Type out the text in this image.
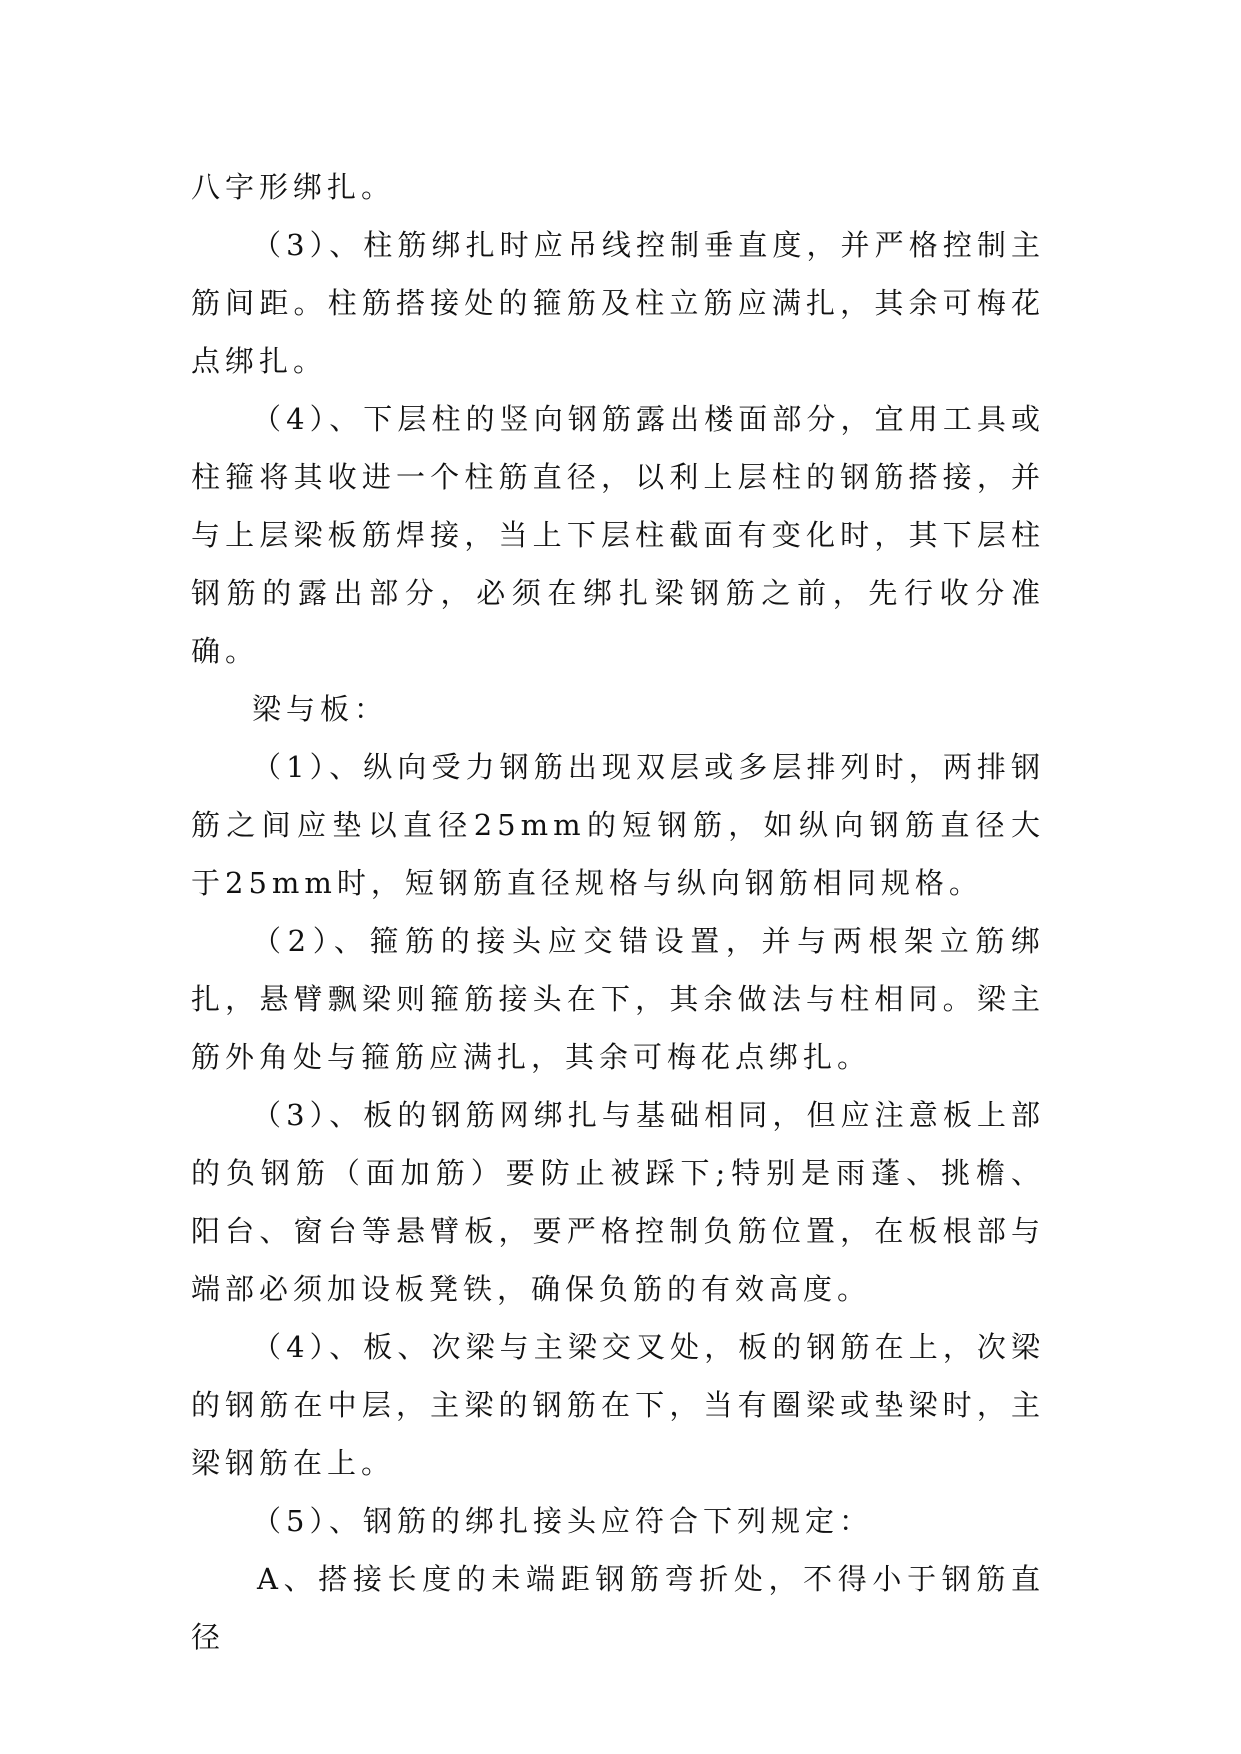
八字形绑扎。

（3）、柱筋绑扎时应吊线控制垂直度，并严格控制主筋间距。柱筋搭接处的箍筋及柱立筋应满扎，其余可梅花点绑扎。

（4）、下层柱的竖向钢筋露出楼面部分，宜用工具或柱箍将其收进一个柱筋直径，以利上层柱的钢筋搭接，并与上层梁板筋焊接，当上下层柱截面有变化时，其下层柱钢筋的露出部分，必须在绑扎梁钢筋之前，先行收分准确。

梁与板：

（1）、纵向受力钢筋出现双层或多层排列时，两排钢筋之间应垫以直径25mm的短钢筋，如纵向钢筋直径大于25mm时，短钢筋直径规格与纵向钢筋相同规格。

（2）、箍筋的接头应交错设置，并与两根架立筋绑扎，悬臂飘梁则箍筋接头在下，其余做法与柱相同。梁主筋外角处与箍筋应满扎，其余可梅花点绑扎。

（3）、板的钢筋网绑扎与基础相同，但应注意板上部的负钢筋（面加筋）要防止被踩下;特别是雨蓬、挑檐、阳台、窗台等悬臂板，要严格控制负筋位置，在板根部与端部必须加设板凳铁，确保负筋的有效高度。

（4）、板、次梁与主梁交叉处，板的钢筋在上，次梁的钢筋在中层，主梁的钢筋在下，当有圈梁或垫梁时，主梁钢筋在上。

（5）、钢筋的绑扎接头应符合下列规定：

A、搭接长度的未端距钢筋弯折处，不得小于钢筋直径
